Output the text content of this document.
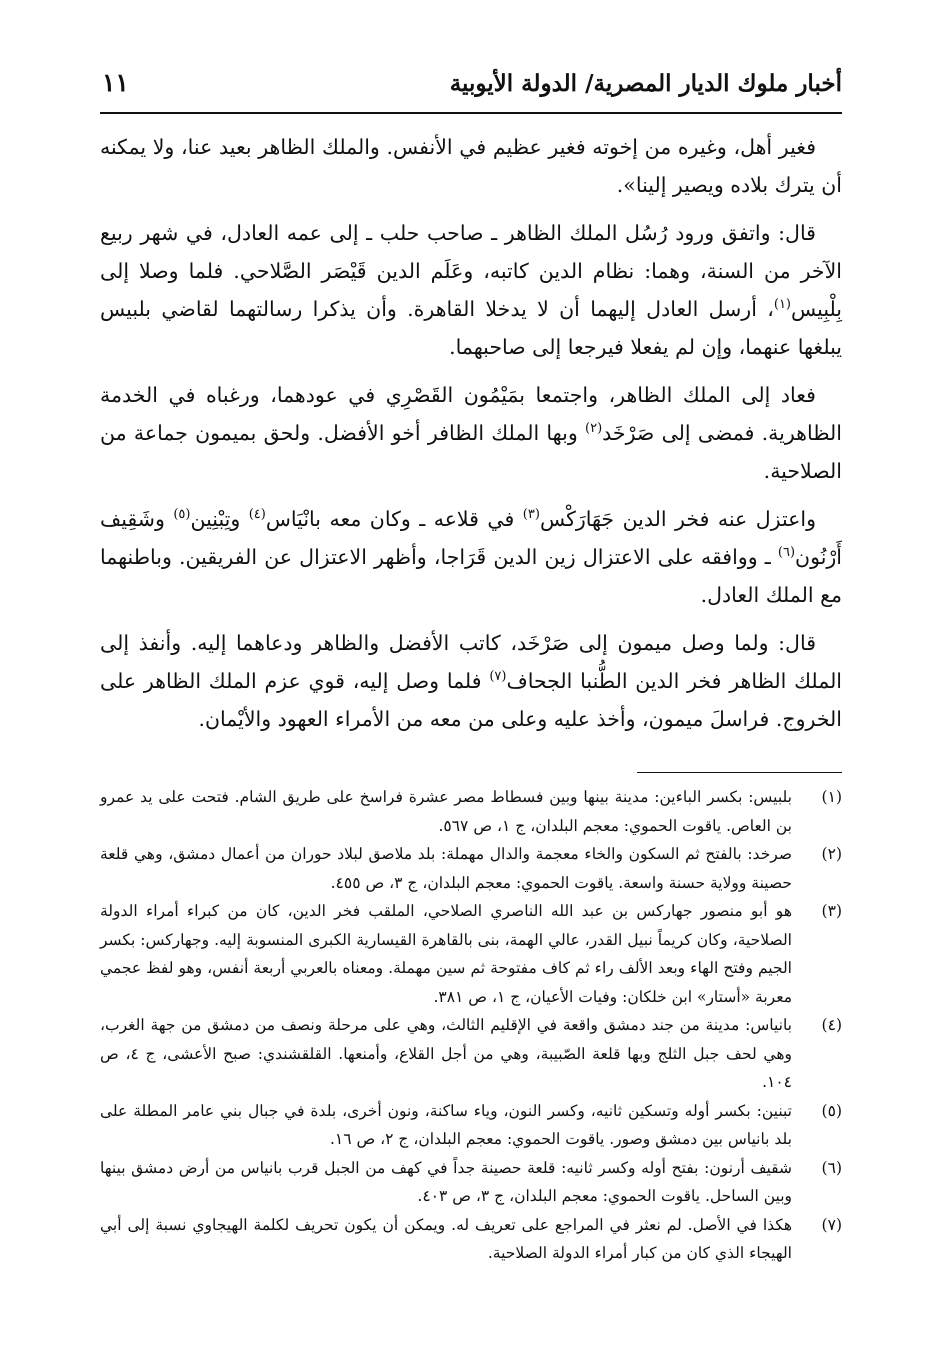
أخبار ملوك الديار المصرية/ الدولة الأيوبية
١١

فغير أهل، وغيره من إخوته فغير عظيم في الأنفس. والملك الظاهر بعيد عنا، ولا يمكنه أن يترك بلاده ويصير إلينا».

قال: واتفق ورود رُسُل الملك الظاهر ـ صاحب حلب ـ إلى عمه العادل، في شهر ربيع الآخر من السنة، وهما: نظام الدين كاتبه، وعَلَم الدين قَيْصَر الصَّلاحي. فلما وصلا إلى بِلْبِيس$^{(١)}$، أرسل العادل إليهما أن لا يدخلا القاهرة. وأن يذكرا رسالتهما لقاضي بلبيس يبلغها عنهما، وإن لم يفعلا فيرجعا إلى صاحبهما.

فعاد إلى الملك الظاهر، واجتمعا بمَيْمُون القَصْرِي في عودهما، ورغباه في الخدمة الظاهرية. فمضى إلى صَرْخَد$^{(٢)}$ وبها الملك الظافر أخو الأفضل. ولحق بميمون جماعة من الصلاحية.

واعتزل عنه فخر الدين جَهَارَكْس$^{(٣)}$ في قلاعه ـ وكان معه بانْيَاس$^{(٤)}$ وتِبْنِين$^{(٥)}$ وشَقِيف أَرْنُون$^{(٦)}$ ـ ووافقه على الاعتزال زين الدين قَرَاجا، وأظهر الاعتزال عن الفريقين. وباطنهما مع الملك العادل.

قال: ولما وصل ميمون إلى صَرْخَد، كاتب الأفضل والظاهر ودعاهما إليه. وأنفذ إلى الملك الظاهر فخر الدين الطُّنبا الجحاف$^{(٧)}$ فلما وصل إليه، قوي عزم الملك الظاهر على الخروج. فراسلَ ميمون، وأخذ عليه وعلى من معه من الأمراء العهود والأيْمان.

(١)
بلبيس: بكسر الباءين: مدينة بينها وبين فسطاط مصر عشرة فراسخ على طريق الشام. فتحت على يد عمرو بن العاص. ياقوت الحموي: معجم البلدان، ج ١، ص ٥٦٧.
(٢)
صرخد: بالفتح ثم السكون والخاء معجمة والدال مهملة: بلد ملاصق لبلاد حوران من أعمال دمشق، وهي قلعة حصينة وولاية حسنة واسعة. ياقوت الحموي: معجم البلدان، ج ٣، ص ٤٥٥.
(٣)
هو أبو منصور جهاركس بن عبد الله الناصري الصلاحي، الملقب فخر الدين، كان من كبراء أمراء الدولة الصلاحية، وكان كريماً نبيل القدر، عالي الهمة، بنى بالقاهرة القيسارية الكبرى المنسوبة إليه. وجهاركس: بكسر الجيم وفتح الهاء وبعد الألف راء ثم كاف مفتوحة ثم سين مهملة. ومعناه بالعربي أربعة أنفس، وهو لفظ عجمي معربة «أستار» ابن خلكان: وفيات الأعيان، ج ١، ص ٣٨١.
(٤)
بانياس: مدينة من جند دمشق واقعة في الإقليم الثالث، وهي على مرحلة ونصف من دمشق من جهة الغرب، وهي لحف جبل الثلج وبها قلعة الصّبيبة، وهي من أجل القلاع، وأمنعها. القلقشندي: صبح الأعشى، ج ٤، ص ١٠٤.
(٥)
تبنين: بكسر أوله وتسكين ثانيه، وكسر النون، وياء ساكنة، ونون أخرى، بلدة في جبال بني عامر المطلة على بلد بانياس بين دمشق وصور. ياقوت الحموي: معجم البلدان، ج ٢، ص ١٦.
(٦)
شقيف أرنون: بفتح أوله وكسر ثانيه: قلعة حصينة جداً في كهف من الجبل قرب بانياس من أرض دمشق بينها وبين الساحل. ياقوت الحموي: معجم البلدان، ج ٣، ص ٤٠٣.
(٧)
هكذا في الأصل. لم نعثر في المراجع على تعريف له. ويمكن أن يكون تحريف لكلمة الهيجاوي نسبة إلى أبي الهيجاء الذي كان من كبار أمراء الدولة الصلاحية.
